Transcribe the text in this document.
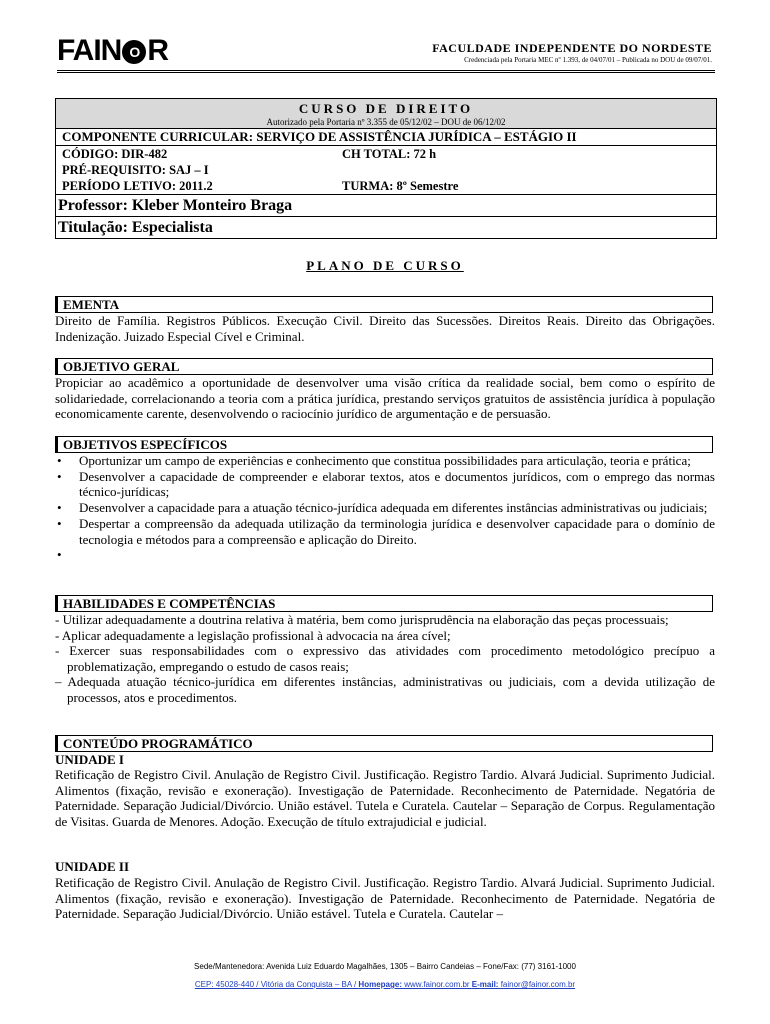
FAIN O R	FACULDADE INDEPENDENTE DO NORDESTE
Credenciada pela Portaria MEC nº 1.393, de 04/07/01 – Publicada no DOU de 09/07/01.
CURSO DE DIREITO
Autorizado pela Portaria nº 3.355 de 05/12/02 – DOU de 06/12/02
COMPONENTE CURRICULAR: SERVIÇO DE ASSISTÊNCIA JURÍDICA – ESTÁGIO II
CÓDIGO: DIR-482	CH TOTAL: 72 h
PRÉ-REQUISITO: SAJ – I
PERÍODO LETIVO: 2011.2	TURMA: 8º Semestre
Professor: Kleber Monteiro Braga
Titulação: Especialista
PLANO DE CURSO
EMENTA
Direito de Família. Registros Públicos. Execução Civil. Direito das Sucessões. Direitos Reais. Direito das Obrigações. Indenização. Juizado Especial Cível e Criminal.
OBJETIVO GERAL
Propiciar ao acadêmico a oportunidade de desenvolver uma visão crítica da realidade social, bem como o espírito de solidariedade, correlacionando a teoria com a prática jurídica, prestando serviços gratuitos de assistência jurídica à população economicamente carente, desenvolvendo o raciocínio jurídico de argumentação e de persuasão.
OBJETIVOS ESPECÍFICOS
• Oportunizar um campo de experiências e conhecimento que constitua possibilidades para articulação, teoria e prática;
• Desenvolver a capacidade de compreender e elaborar textos, atos e documentos jurídicos, com o emprego das normas técnico-jurídicas;
• Desenvolver a capacidade para a atuação técnico-jurídica adequada em diferentes instâncias administrativas ou judiciais;
• Despertar a compreensão da adequada utilização da terminologia jurídica e desenvolver capacidade para o domínio de tecnologia e métodos para a compreensão e aplicação do Direito.
•

HABILIDADES E COMPETÊNCIAS
- Utilizar adequadamente a doutrina relativa à matéria, bem como jurisprudência na elaboração das peças processuais;
- Aplicar adequadamente a legislação profissional à advocacia na área cível;
- Exercer suas responsabilidades com o expressivo das atividades com procedimento metodológico precípuo a problematização, empregando o estudo de casos reais;
– Adequada atuação técnico-jurídica em diferentes instâncias, administrativas ou judiciais, com a devida utilização de processos, atos e procedimentos.
CONTEÚDO PROGRAMÁTICO
UNIDADE I
Retificação de Registro Civil. Anulação de Registro Civil. Justificação. Registro Tardio. Alvará Judicial. Suprimento Judicial. Alimentos (fixação, revisão e exoneração). Investigação de Paternidade. Reconhecimento de Paternidade. Negatória de Paternidade. Separação Judicial/Divórcio. União estável. Tutela e Curatela. Cautelar – Separação de Corpus. Regulamentação de Visitas. Guarda de Menores. Adoção. Execução de título extrajudicial e judicial.
UNIDADE II
Retificação de Registro Civil. Anulação de Registro Civil. Justificação. Registro Tardio. Alvará Judicial. Suprimento Judicial. Alimentos (fixação, revisão e exoneração). Investigação de Paternidade. Reconhecimento de Paternidade. Negatória de Paternidade. Separação Judicial/Divórcio. União estável. Tutela e Curatela. Cautelar –
Sede/Mantenedora: Avenida Luiz Eduardo Magalhães, 1305 – Bairro Candeias – Fone/Fax: (77) 3161-1000
CEP: 45028-440 / Vitória da Conquista – BA / Homepage: www.fainor.com.br E-mail: fainor@fainor.com.br
